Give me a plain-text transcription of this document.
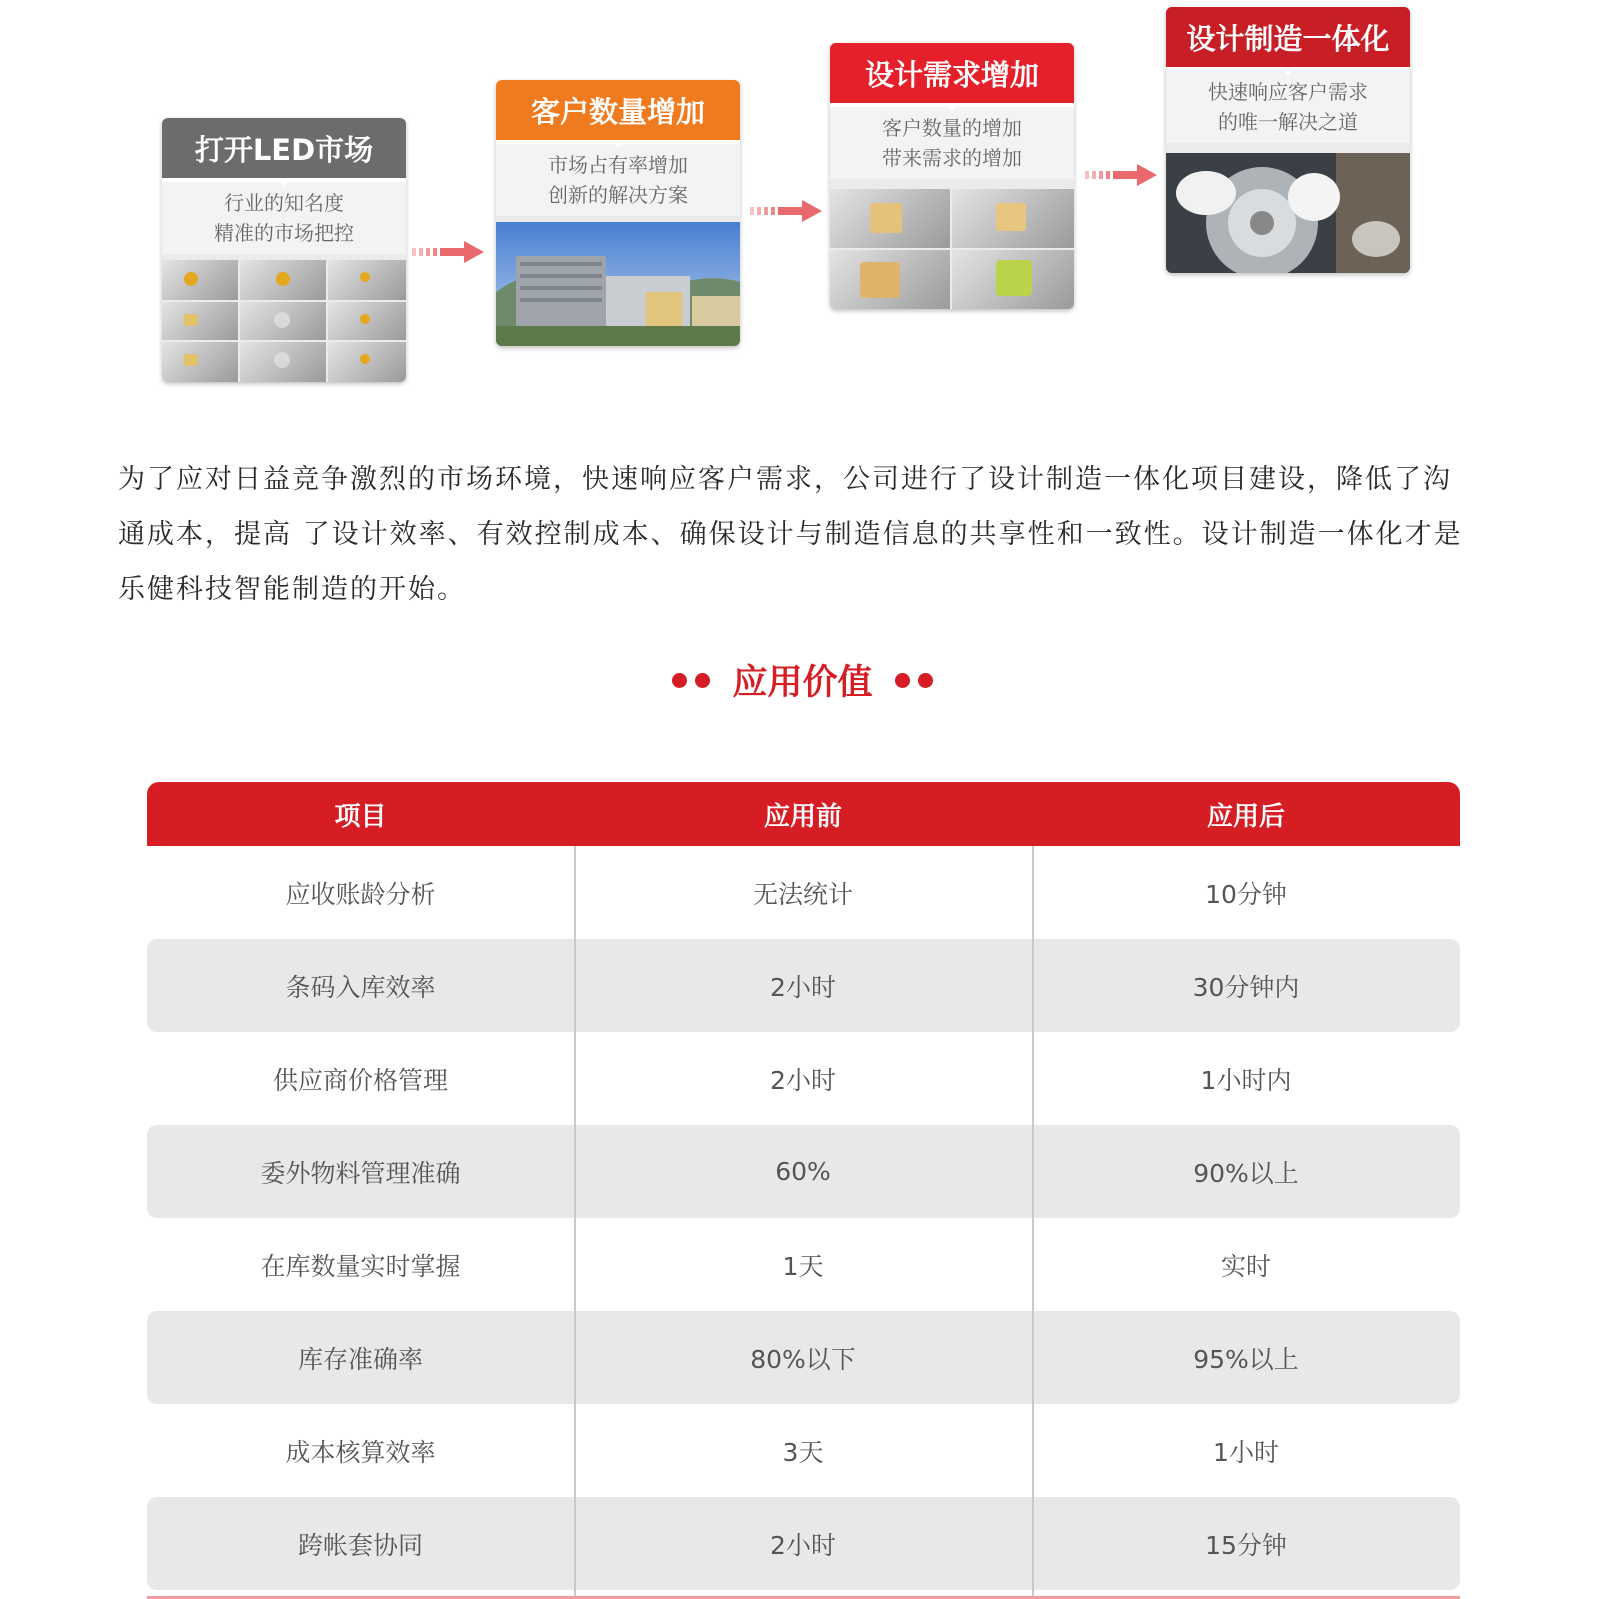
打开LED市场
行业的知名度
精准的市场把控
客户数量增加
市场占有率增加
创新的解决方案
设计需求增加
客户数量的增加
带来需求的增加
设计制造一体化
快速响应客户需求
的唯一解决之道
为了应对日益竞争激烈的市场环境，快速响应客户需求，公司进行了设计制造一体化项目建设，降低了沟通成本，提高 了设计效率、有效控制成本、确保设计与制造信息的共享性和一致性。设计制造一体化才是乐健科技智能制造的开始。
应用价值
项目	应用前	应用后
应收账龄分析	无法统计	10分钟
条码入库效率	2小时	30分钟内
供应商价格管理	2小时	1小时内
委外物料管理准确	60%	90%以上
在库数量实时掌握	1天	实时
库存准确率	80%以下	95%以上
成本核算效率	3天	1小时
跨帐套协同	2小时	15分钟
